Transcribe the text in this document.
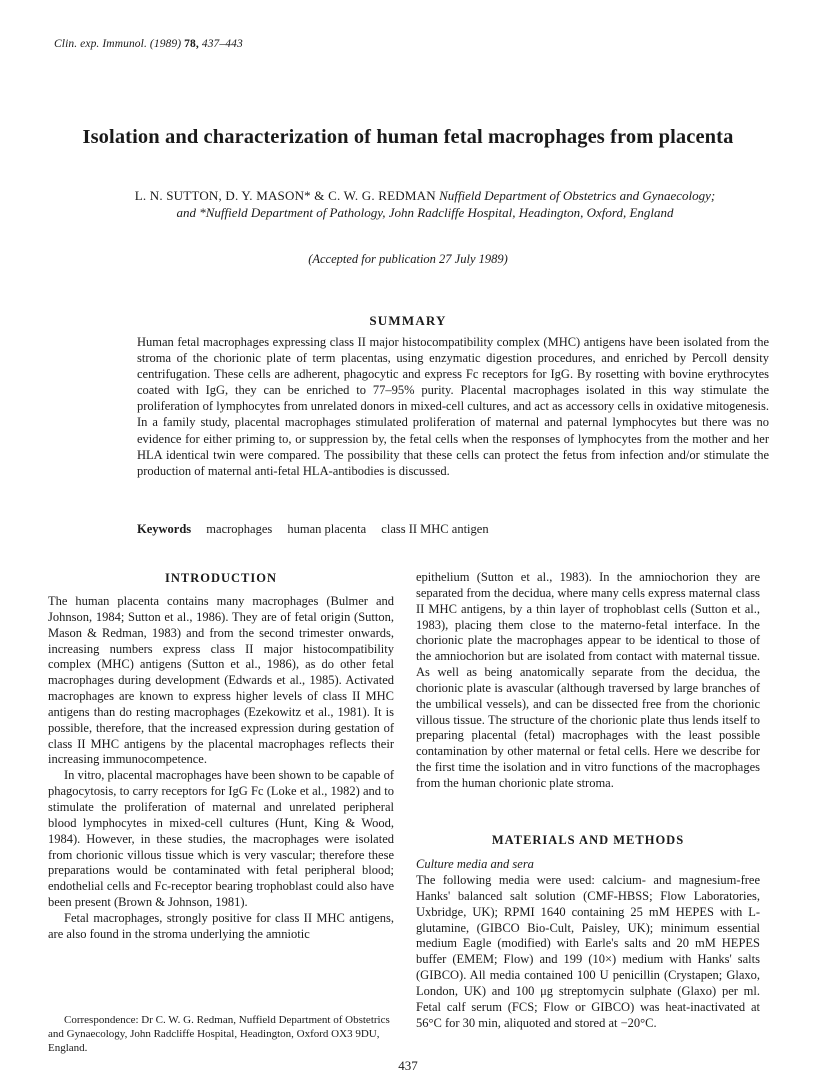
Clin. exp. Immunol. (1989) 78, 437–443
Isolation and characterization of human fetal macrophages from placenta
L. N. SUTTON, D. Y. MASON* & C. W. G. REDMAN Nuffield Department of Obstetrics and Gynaecology;
and *Nuffield Department of Pathology, John Radcliffe Hospital, Headington, Oxford, England
(Accepted for publication 27 July 1989)
SUMMARY
Human fetal macrophages expressing class II major histocompatibility complex (MHC) antigens have been isolated from the stroma of the chorionic plate of term placentas, using enzymatic digestion procedures, and enriched by Percoll density centrifugation. These cells are adherent, phagocytic and express Fc receptors for IgG. By rosetting with bovine erythrocytes coated with IgG, they can be enriched to 77–95% purity. Placental macrophages isolated in this way stimulate the proliferation of lymphocytes from unrelated donors in mixed-cell cultures, and act as accessory cells in oxidative mitogenesis. In a family study, placental macrophages stimulated proliferation of maternal and paternal lymphocytes but there was no evidence for either priming to, or suppression by, the fetal cells when the responses of lymphocytes from the mother and her HLA identical twin were compared. The possibility that these cells can protect the fetus from infection and/or stimulate the production of maternal anti-fetal HLA-antibodies is discussed.
Keywords macrophages human placenta class II MHC antigen
INTRODUCTION

The human placenta contains many macrophages (Bulmer and Johnson, 1984; Sutton et al., 1986). They are of fetal origin (Sutton, Mason & Redman, 1983) and from the second trimester onwards, increasing numbers express class II major histocompatibility complex (MHC) antigens (Sutton et al., 1986), as do other fetal macrophages during development (Edwards et al., 1985). Activated macrophages are known to express higher levels of class II MHC antigens than do resting macrophages (Ezekowitz et al., 1981). It is possible, therefore, that the increased expression during gestation of class II MHC antigens by the placental macrophages reflects their increasing immunocompetence.

In vitro, placental macrophages have been shown to be capable of phagocytosis, to carry receptors for IgG Fc (Loke et al., 1982) and to stimulate the proliferation of maternal and unrelated peripheral blood lymphocytes in mixed-cell cultures (Hunt, King & Wood, 1984). However, in these studies, the macrophages were isolated from chorionic villous tissue which is very vascular; therefore these preparations would be contaminated with fetal peripheral blood; endothelial cells and Fc-receptor bearing trophoblast could also have been present (Brown & Johnson, 1981).

Fetal macrophages, strongly positive for class II MHC antigens, are also found in the stroma underlying the amniotic

Correspondence: Dr C. W. G. Redman, Nuffield Department of Obstetrics and Gynaecology, John Radcliffe Hospital, Headington, Oxford OX3 9DU, England.

epithelium (Sutton et al., 1983). In the amniochorion they are separated from the decidua, where many cells express maternal class II MHC antigens, by a thin layer of trophoblast cells (Sutton et al., 1983), placing them close to the materno-fetal interface. In the chorionic plate the macrophages appear to be identical to those of the amniochorion but are isolated from contact with maternal tissue. As well as being anatomically separate from the decidua, the chorionic plate is avascular (although traversed by large branches of the umbilical vessels), and can be dissected free from the chorionic villous tissue. The structure of the chorionic plate thus lends itself to preparing placental (fetal) macrophages with the least possible contamination by other maternal or fetal cells. Here we describe for the first time the isolation and in vitro functions of the macrophages from the human chorionic plate stroma.

MATERIALS AND METHODS
Culture media and sera

The following media were used: calcium- and magnesium-free Hanks' balanced salt solution (CMF-HBSS; Flow Laboratories, Uxbridge, UK); RPMI 1640 containing 25 mM HEPES with L-glutamine, (GIBCO Bio-Cult, Paisley, UK); minimum essential medium Eagle (modified) with Earle's salts and 20 mM HEPES buffer (EMEM; Flow) and 199 (10×) medium with Hanks' salts (GIBCO). All media contained 100 U penicillin (Crystapen; Glaxo, London, UK) and 100 μg streptomycin sulphate (Glaxo) per ml. Fetal calf serum (FCS; Flow or GIBCO) was heat-inactivated at 56°C for 30 min, aliquoted and stored at −20°C.

437
